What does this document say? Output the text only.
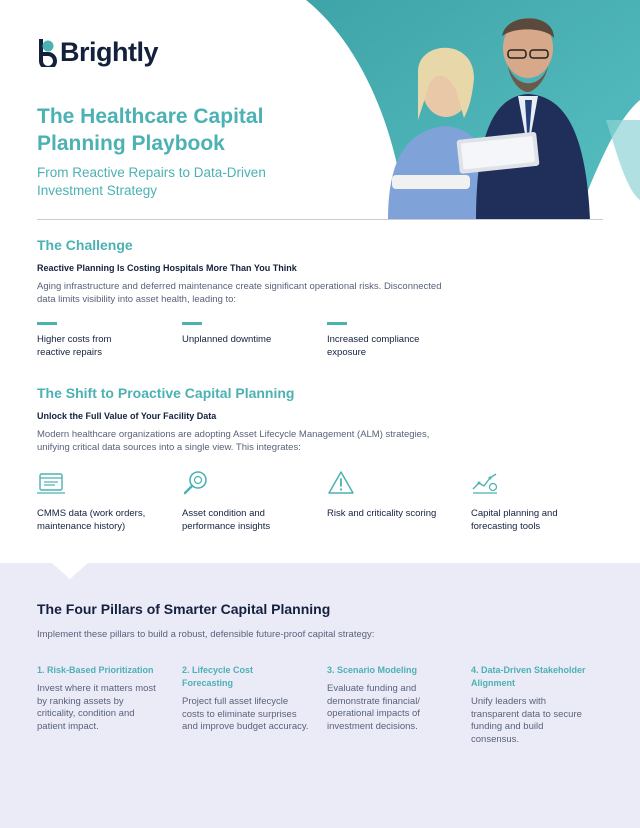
Brightly
The Healthcare Capital Planning Playbook
From Reactive Repairs to Data-Driven Investment Strategy
The Challenge
Reactive Planning Is Costing Hospitals More Than You Think

Aging infrastructure and deferred maintenance create significant operational risks. Disconnected data limits visibility into asset health, leading to:

Higher costs from reactive repairs
Unplanned downtime	Increased compliance exposure
The Shift to Proactive Capital Planning
Unlock the Full Value of Your Facility Data

Modern healthcare organizations are adopting Asset Lifecycle Management (ALM) strategies, unifying critical data sources into a single view. This integrates:

CMMS data (work orders, maintenance history)
Asset condition and performance insights
Risk and criticality scoring	Capital planning and forecasting tools
The Four Pillars of Smarter Capital Planning

Implement these pillars to build a robust, defensible future-proof capital strategy:

1. Risk-Based Prioritization

Invest where it matters most by ranking assets by criticality, condition and patient impact.

2. Lifecycle Cost Forecasting

Project full asset lifecycle costs to eliminate surprises and improve budget accuracy.

3. Scenario Modeling

Evaluate funding and demonstrate financial/ operational impacts of investment decisions.

4. Data-Driven Stakeholder Alignment

Unify leaders with transparent data to secure funding and build consensus.
